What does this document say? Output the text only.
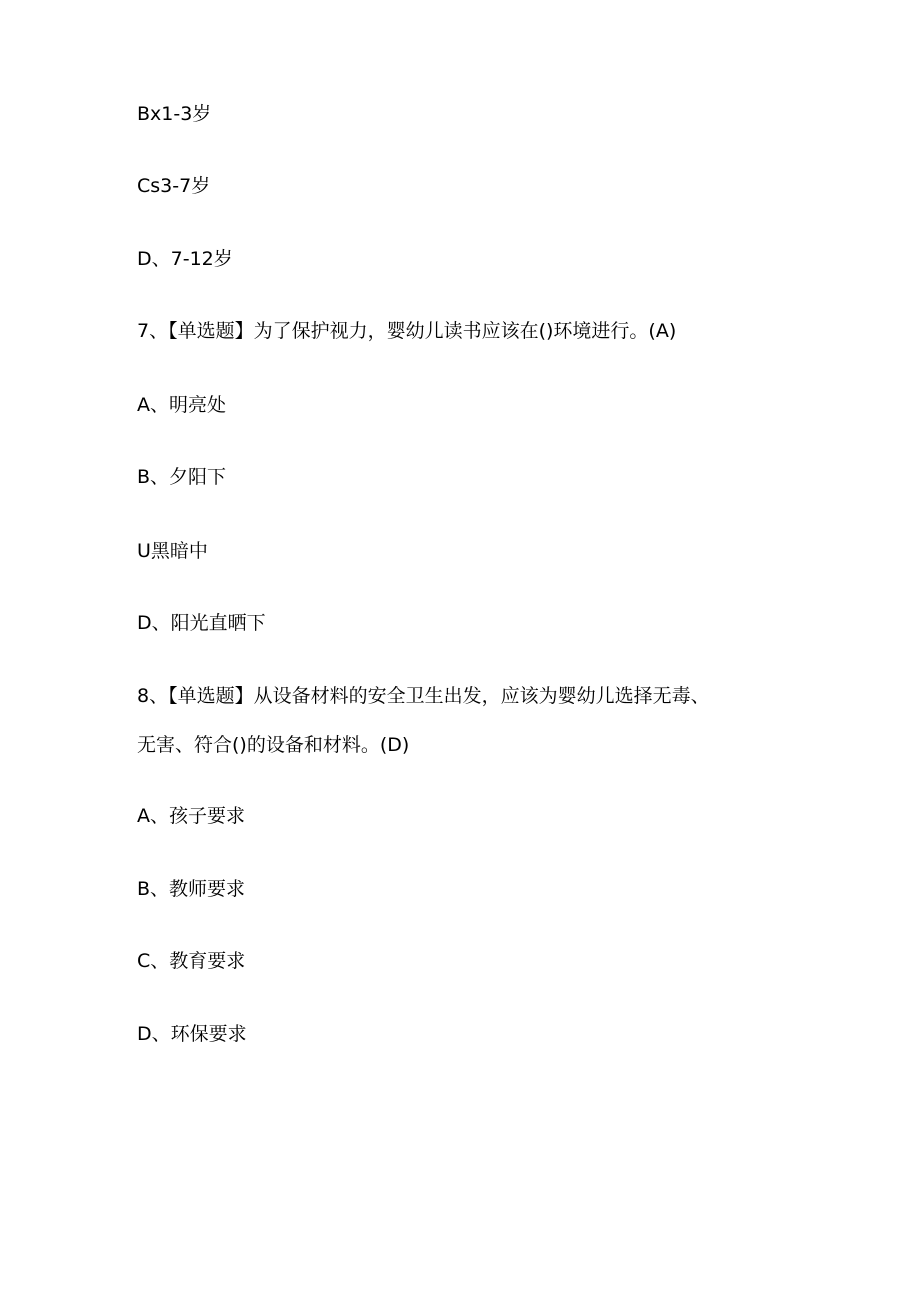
Bx1-3岁
Cs3-7岁
D、7-12岁
7、【单选题】为了保护视力，婴幼儿读书应该在()环境进行。(A)
A、明亮处
B、夕阳下
U黑暗中
D、阳光直晒下
8、【单选题】从设备材料的安全卫生出发，应该为婴幼儿选择无毒、
无害、符合()的设备和材料。(D)
A、孩子要求
B、教师要求
C、教育要求
D、环保要求
